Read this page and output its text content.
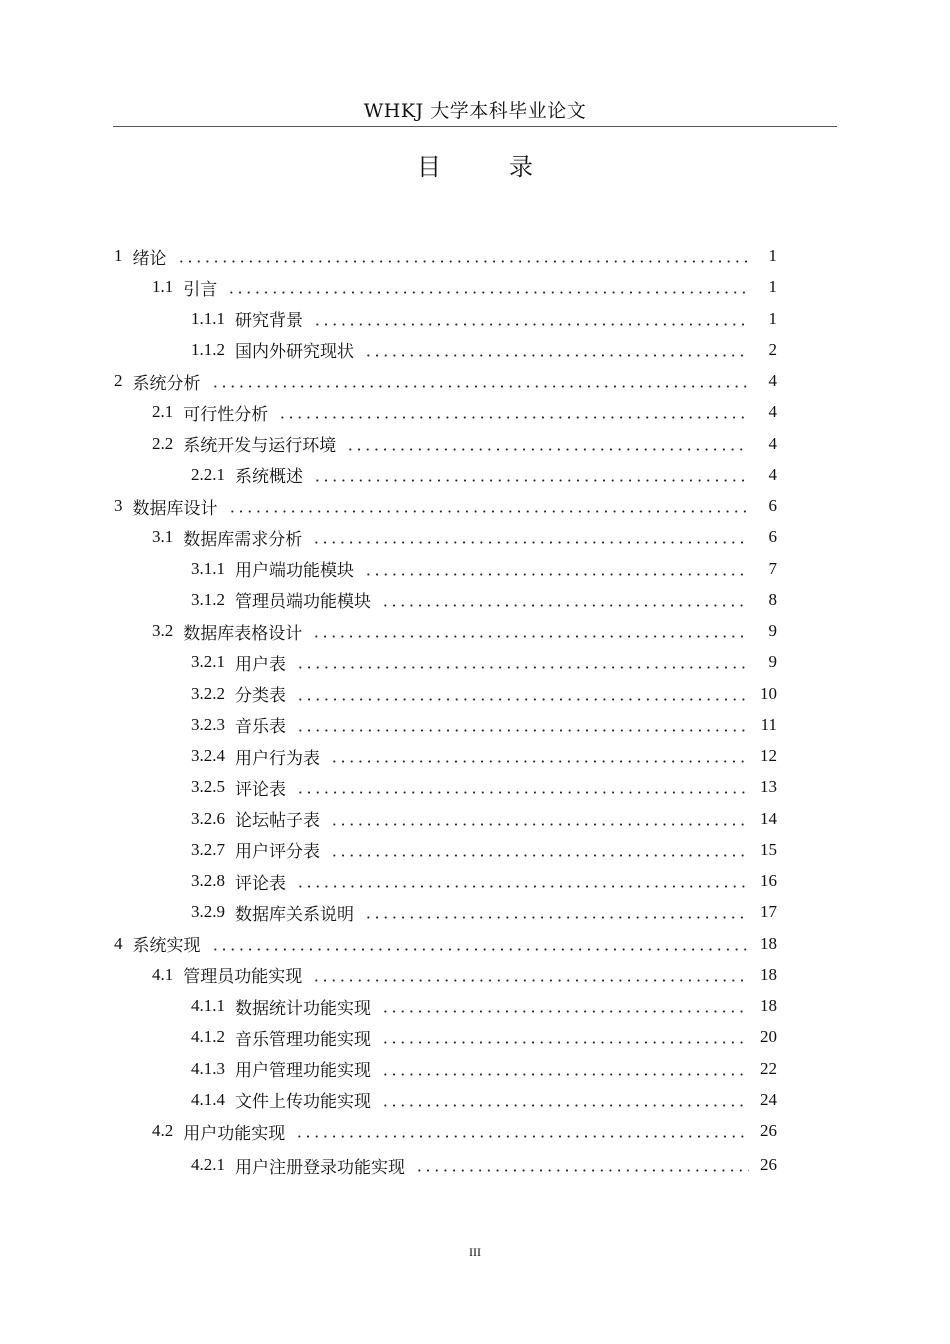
WHKJ 大学本科毕业论文
目　录
1 绪论	1
1.1 引言	1
1.1.1 研究背景	1
1.1.2 国内外研究现状	2
2 系统分析	4
2.1 可行性分析	4
2.2 系统开发与运行环境	4
2.2.1 系统概述	4
3 数据库设计	6
3.1 数据库需求分析	6
3.1.1 用户端功能模块	7
3.1.2 管理员端功能模块	8
3.2 数据库表格设计	9
3.2.1 用户表	9
3.2.2 分类表	10
3.2.3 音乐表	11
3.2.4 用户行为表	12
3.2.5 评论表	13
3.2.6 论坛帖子表	14
3.2.7 用户评分表	15
3.2.8 评论表	16
3.2.9 数据库关系说明	17
4 系统实现	18
4.1 管理员功能实现	18
4.1.1 数据统计功能实现	18
4.1.2 音乐管理功能实现	20
4.1.3 用户管理功能实现	22
4.1.4 文件上传功能实现	24
4.2 用户功能实现	26
4.2.1 用户注册登录功能实现	26
III
